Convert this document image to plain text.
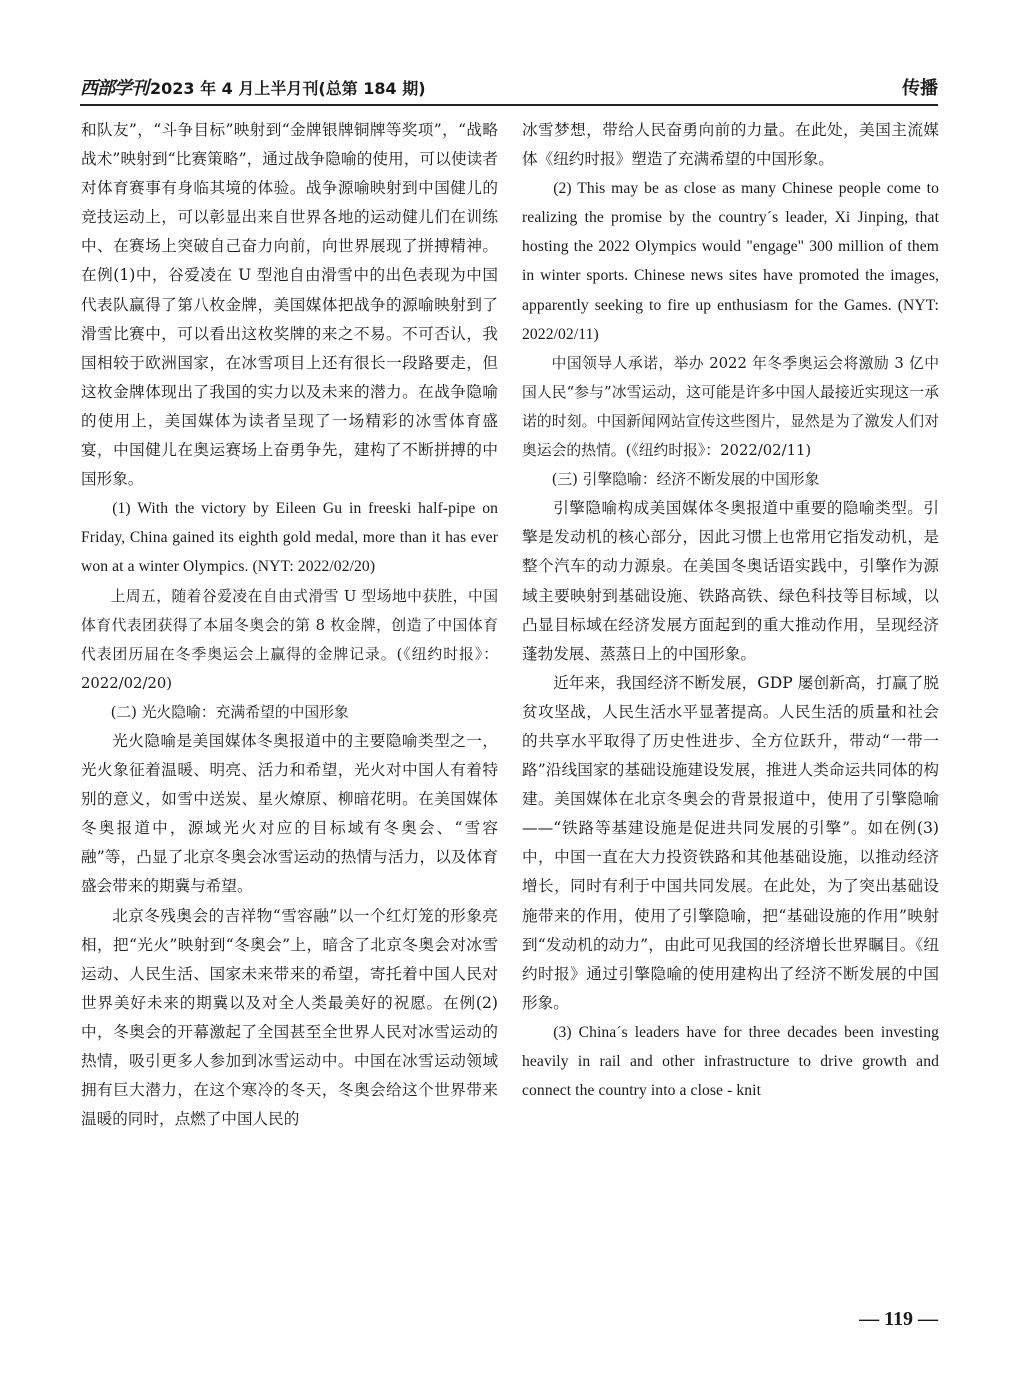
西部学刊 2023 年 4 月上半月刊(总第 184 期)	传播

和队友”，“斗争目标”映射到“金牌银牌铜牌等奖项”，“战略战术”映射到“比赛策略”，通过战争隐喻的使用，可以使读者对体育赛事有身临其境的体验。战争源喻映射到中国健儿的竞技运动上，可以彰显出来自世界各地的运动健儿们在训练中、在赛场上突破自己奋力向前，向世界展现了拼搏精神。在例(1)中，谷爱凌在 U 型池自由滑雪中的出色表现为中国代表队赢得了第八枚金牌，美国媒体把战争的源喻映射到了滑雪比赛中，可以看出这枚奖牌的来之不易。不可否认，我国相较于欧洲国家，在冰雪项目上还有很长一段路要走，但这枚金牌体现出了我国的实力以及未来的潜力。在战争隐喻的使用上，美国媒体为读者呈现了一场精彩的冰雪体育盛宴，中国健儿在奥运赛场上奋勇争先，建构了不断拼搏的中国形象。

(1) With the victory by Eileen Gu in freeski half-pipe on Friday, China gained its eighth gold medal, more than it has ever won at a winter Olympics. (NYT: 2022/02/20)

上周五，随着谷爱凌在自由式滑雪 U 型场地中获胜，中国体育代表团获得了本届冬奥会的第 8 枚金牌，创造了中国体育代表团历届在冬季奥运会上赢得的金牌记录。(《纽约时报》：2022/02/20)

(二) 光火隐喻：充满希望的中国形象

光火隐喻是美国媒体冬奥报道中的主要隐喻类型之一，光火象征着温暖、明亮、活力和希望，光火对中国人有着特别的意义，如雪中送炭、星火燎原、柳暗花明。在美国媒体冬奥报道中，源域光火对应的目标域有冬奥会、“雪容融”等，凸显了北京冬奥会冰雪运动的热情与活力，以及体育盛会带来的期冀与希望。

北京冬残奥会的吉祥物“雪容融”以一个红灯笼的形象亮相，把“光火”映射到“冬奥会”上，暗含了北京冬奥会对冰雪运动、人民生活、国家未来带来的希望，寄托着中国人民对世界美好未来的期冀以及对全人类最美好的祝愿。在例(2)中，冬奥会的开幕激起了全国甚至全世界人民对冰雪运动的热情，吸引更多人参加到冰雪运动中。中国在冰雪运动领域拥有巨大潜力，在这个寒冷的冬天，冬奥会给这个世界带来温暖的同时，点燃了中国人民的

冰雪梦想，带给人民奋勇向前的力量。在此处，美国主流媒体《纽约时报》塑造了充满希望的中国形象。

(2) This may be as close as many Chinese people come to realizing the promise by the country´s leader, Xi Jinping, that hosting the 2022 Olympics would "engage" 300 million of them in winter sports. Chinese news sites have promoted the images, apparently seeking to fire up enthusiasm for the Games. (NYT: 2022/02/11)

中国领导人承诺，举办 2022 年冬季奥运会将激励 3 亿中国人民“参与”冰雪运动，这可能是许多中国人最接近实现这一承诺的时刻。中国新闻网站宣传这些图片，显然是为了激发人们对奥运会的热情。(《纽约时报》：2022/02/11)

(三) 引擎隐喻：经济不断发展的中国形象

引擎隐喻构成美国媒体冬奥报道中重要的隐喻类型。引擎是发动机的核心部分，因此习惯上也常用它指发动机，是整个汽车的动力源泉。在美国冬奥话语实践中，引擎作为源域主要映射到基础设施、铁路高铁、绿色科技等目标域，以凸显目标域在经济发展方面起到的重大推动作用，呈现经济蓬勃发展、蒸蒸日上的中国形象。

近年来，我国经济不断发展，GDP 屡创新高，打赢了脱贫攻坚战，人民生活水平显著提高。人民生活的质量和社会的共享水平取得了历史性进步、全方位跃升，带动“一带一路”沿线国家的基础设施建设发展，推进人类命运共同体的构建。美国媒体在北京冬奥会的背景报道中，使用了引擎隐喻——“铁路等基建设施是促进共同发展的引擎”。如在例(3)中，中国一直在大力投资铁路和其他基础设施，以推动经济增长，同时有利于中国共同发展。在此处，为了突出基础设施带来的作用，使用了引擎隐喻，把“基础设施的作用”映射到“发动机的动力”，由此可见我国的经济增长世界瞩目。《纽约时报》通过引擎隐喻的使用建构出了经济不断发展的中国形象。

(3) China´s leaders have for three decades been investing heavily in rail and other infrastructure to drive growth and connect the country into a close - knit

— 119 —
